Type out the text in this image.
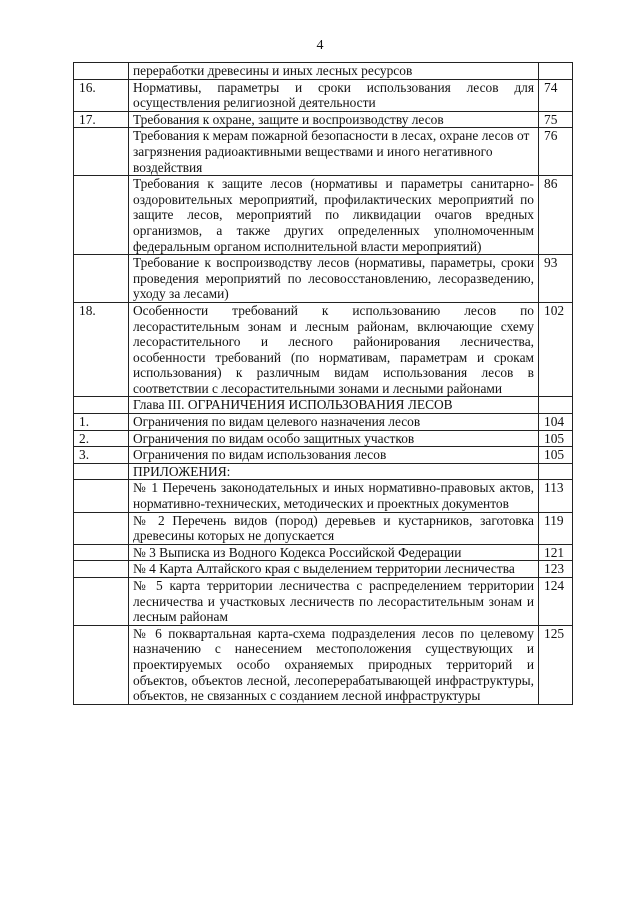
4
	переработки древесины и иных лесных ресурсов	
16.	Нормативы, параметры и сроки использования лесов для осуществления религиозной деятельности	74
17.	Требования к охране, защите и воспроизводству лесов	75
	Требования к мерам пожарной безопасности в лесах, охране лесов от загрязнения радиоактивными веществами и иного негативного воздействия	76
	Требования к защите лесов (нормативы и параметры санитарно-оздоровительных мероприятий, профилактических мероприятий по защите лесов, мероприятий по ликвидации очагов вредных организмов, а также других определенных уполномоченным федеральным органом исполнительной власти мероприятий)	86
	Требование к воспроизводству лесов (нормативы, параметры, сроки проведения мероприятий по лесовосстановлению, лесоразведению, уходу за лесами)	93
18.	Особенности требований к использованию лесов по лесорастительным зонам и лесным районам, включающие схему лесорастительного и лесного районирования лесничества, особенности требований (по нормативам, параметрам и срокам использования) к различным видам использования лесов в соответствии с лесорастительными зонами и лесными районами	102
	Глава III. ОГРАНИЧЕНИЯ ИСПОЛЬЗОВАНИЯ ЛЕСОВ	
1.	Ограничения по видам целевого назначения лесов	104
2.	Ограничения по видам особо защитных участков	105
3.	Ограничения по видам использования лесов	105
	ПРИЛОЖЕНИЯ:	
	№ 1 Перечень законодательных и иных нормативно-правовых актов, нормативно-технических, методических и проектных документов	113
	№ 2 Перечень видов (пород) деревьев и кустарников, заготовка древесины которых не допускается	119
	№ 3 Выписка из Водного Кодекса Российской Федерации	121
	№ 4 Карта Алтайского края с выделением территории лесничества	123
	№ 5 карта территории лесничества с распределением территории лесничества и участковых лесничеств по лесорастительным зонам и лесным районам	124
	№ 6 поквартальная карта-схема подразделения лесов по целевому назначению с нанесением местоположения существующих и проектируемых особо охраняемых природных территорий и объектов, объектов лесной, лесоперерабатывающей инфраструктуры, объектов, не связанных с созданием лесной инфраструктуры	125
